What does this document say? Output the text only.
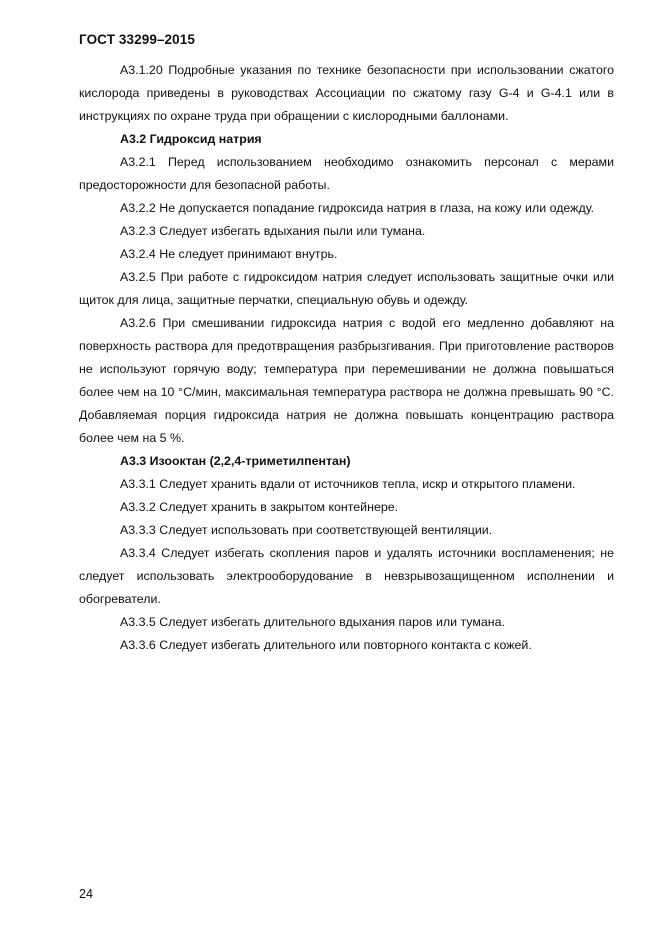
ГОСТ 33299–2015

А3.1.20 Подробные указания по технике безопасности при использовании сжатого кислорода приведены в руководствах Ассоциации по сжатому газу G-4 и G-4.1 или в инструкциях по охране труда при обращении с кислородными баллонами.

А3.2 Гидроксид натрия

А3.2.1 Перед использованием необходимо ознакомить персонал с мерами предосторожности для безопасной работы.

А3.2.2 Не допускается попадание гидроксида натрия в глаза, на кожу или одежду.

А3.2.3 Следует избегать вдыхания пыли или тумана.

А3.2.4 Не следует принимают внутрь.

А3.2.5 При работе с гидроксидом натрия следует использовать защитные очки или щиток для лица, защитные перчатки, специальную обувь и одежду.

А3.2.6 При смешивании гидроксида натрия с водой его медленно добавляют на поверхность раствора для предотвращения разбрызгивания. При приготовление растворов не используют горячую воду; температура при перемешивании не должна повышаться более чем на 10 °С/мин, максимальная температура раствора не должна превышать 90 °С. Добавляемая порция гидроксида натрия не должна повышать концентрацию раствора более чем на 5 %.

А3.3 Изооктан (2,2,4-триметилпентан)

А3.3.1 Следует хранить вдали от источников тепла, искр и открытого пламени.

А3.3.2 Следует хранить в закрытом контейнере.

А3.3.3 Следует использовать при соответствующей вентиляции.

А3.3.4 Следует избегать скопления паров и удалять источники воспламенения; не следует использовать электрооборудование в невзрывозащищенном исполнении и обогреватели.

А3.3.5 Следует избегать длительного вдыхания паров или тумана.

А3.3.6 Следует избегать длительного или повторного контакта с кожей.

24
